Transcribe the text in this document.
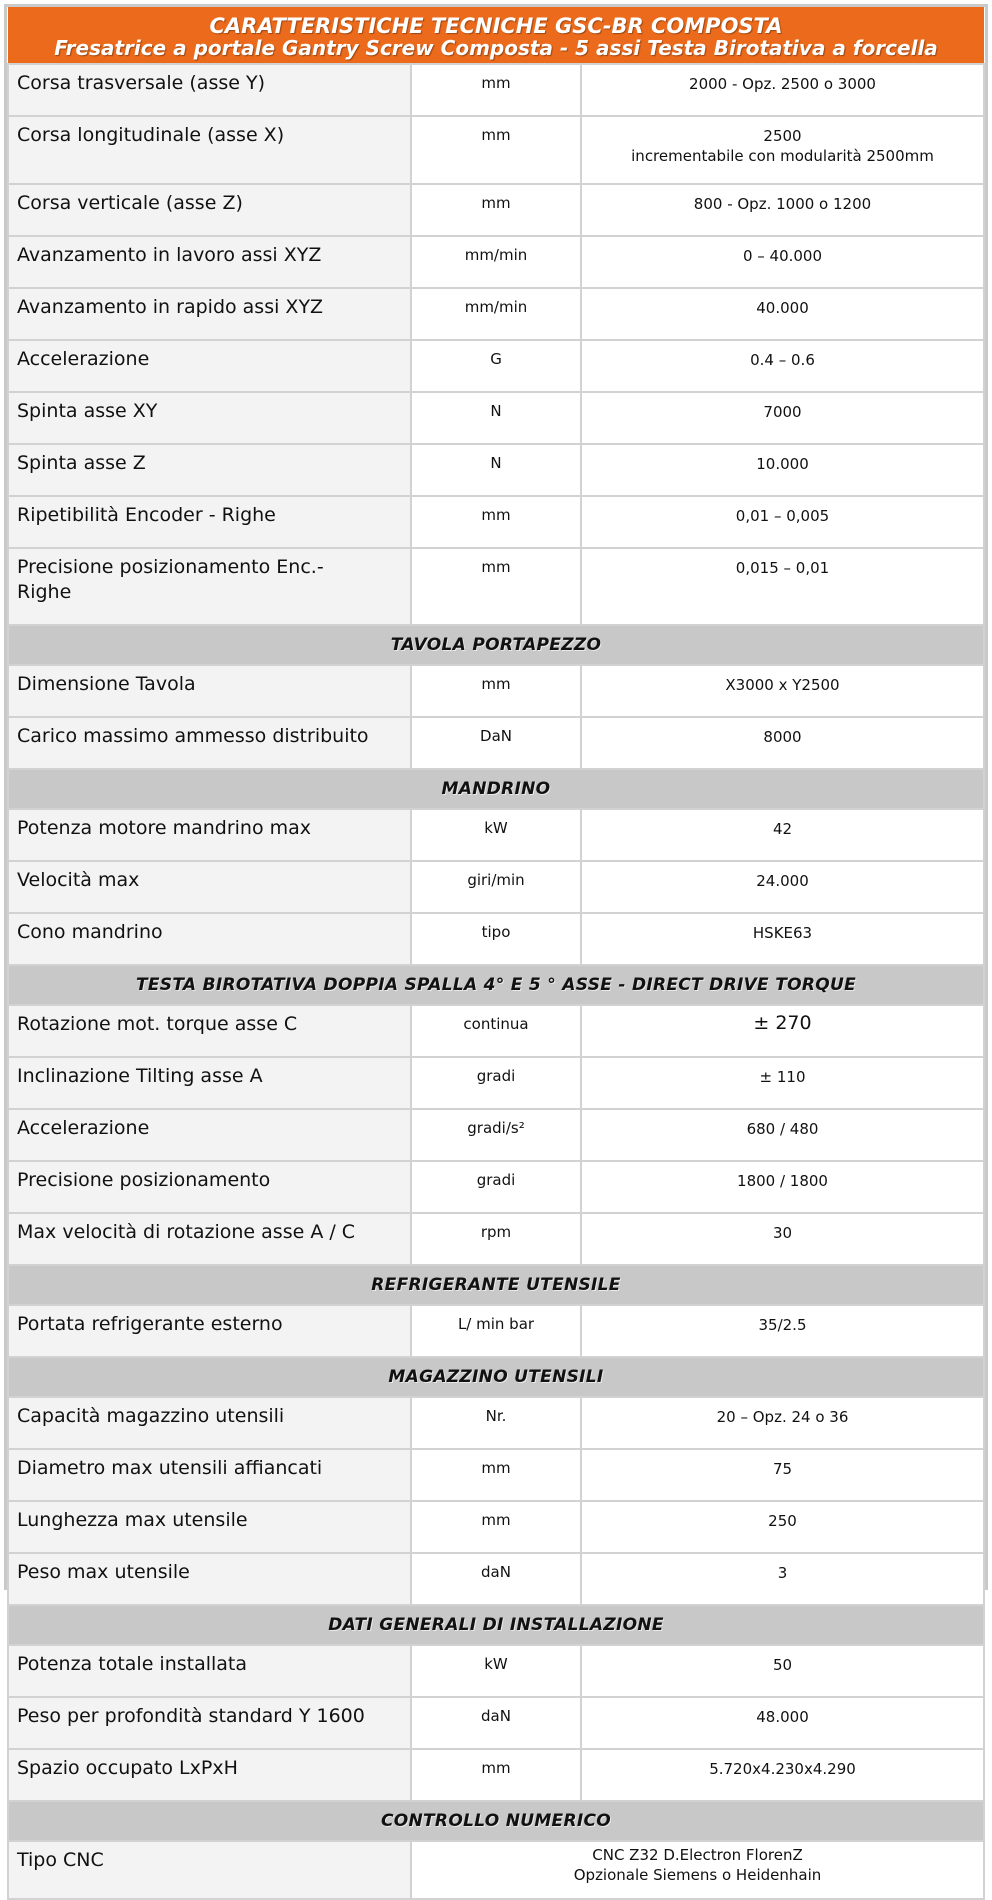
CARATTERISTICHE TECNICHE GSC-BR COMPOSTA
Fresatrice a portale Gantry Screw Composta - 5 assi Testa Birotativa a forcella		

Corsa trasversale (asse Y)	mm	2000 - Opz. 2500 o 3000

Corsa longitudinale (asse X)	mm	2500
incrementabile con modularità 2500mm

Corsa verticale (asse Z)	mm	800 - Opz. 1000 o 1200

Avanzamento in lavoro assi XYZ	mm/min	0 – 40.000

Avanzamento in rapido assi XYZ	mm/min	40.000

Accelerazione	G	0.4 – 0.6

Spinta asse XY	N	7000

Spinta asse Z	N	10.000

Ripetibilità Encoder - Righe	mm	0,01 – 0,005

Precisione posizionamento Enc.-
Righe	mm	0,015 – 0,01

TAVOLA PORTAPEZZO		

Dimensione Tavola	mm	X3000 x Y2500

Carico massimo ammesso distribuito	DaN	8000

MANDRINO		

Potenza motore mandrino max	kW	42

Velocità max	giri/min	24.000

Cono mandrino	tipo	HSKE63

TESTA BIROTATIVA DOPPIA SPALLA 4° E 5 ° ASSE - DIRECT DRIVE TORQUE		

Rotazione mot. torque asse C	continua	± 270

Inclinazione Tilting asse A	gradi	± 110

Accelerazione	gradi/s²	680 / 480

Precisione posizionamento	gradi	1800 / 1800

Max velocità di rotazione asse A / C	rpm	30

REFRIGERANTE UTENSILE		

Portata refrigerante esterno	L/ min bar	35/2.5

MAGAZZINO UTENSILI		

Capacità magazzino utensili	Nr.	20 – Opz. 24 o 36

Diametro max utensili affiancati	mm	75

Lunghezza max utensile	mm	250

Peso max utensile	daN	3

DATI GENERALI DI INSTALLAZIONE		

Potenza totale installata	kW	50

Peso per profondità standard Y 1600	daN	48.000

Spazio occupato LxPxH	mm	5.720x4.230x4.290

CONTROLLO NUMERICO		

Tipo CNC	CNC Z32 D.Electron FlorenZ
Opzionale Siemens o Heidenhain	
